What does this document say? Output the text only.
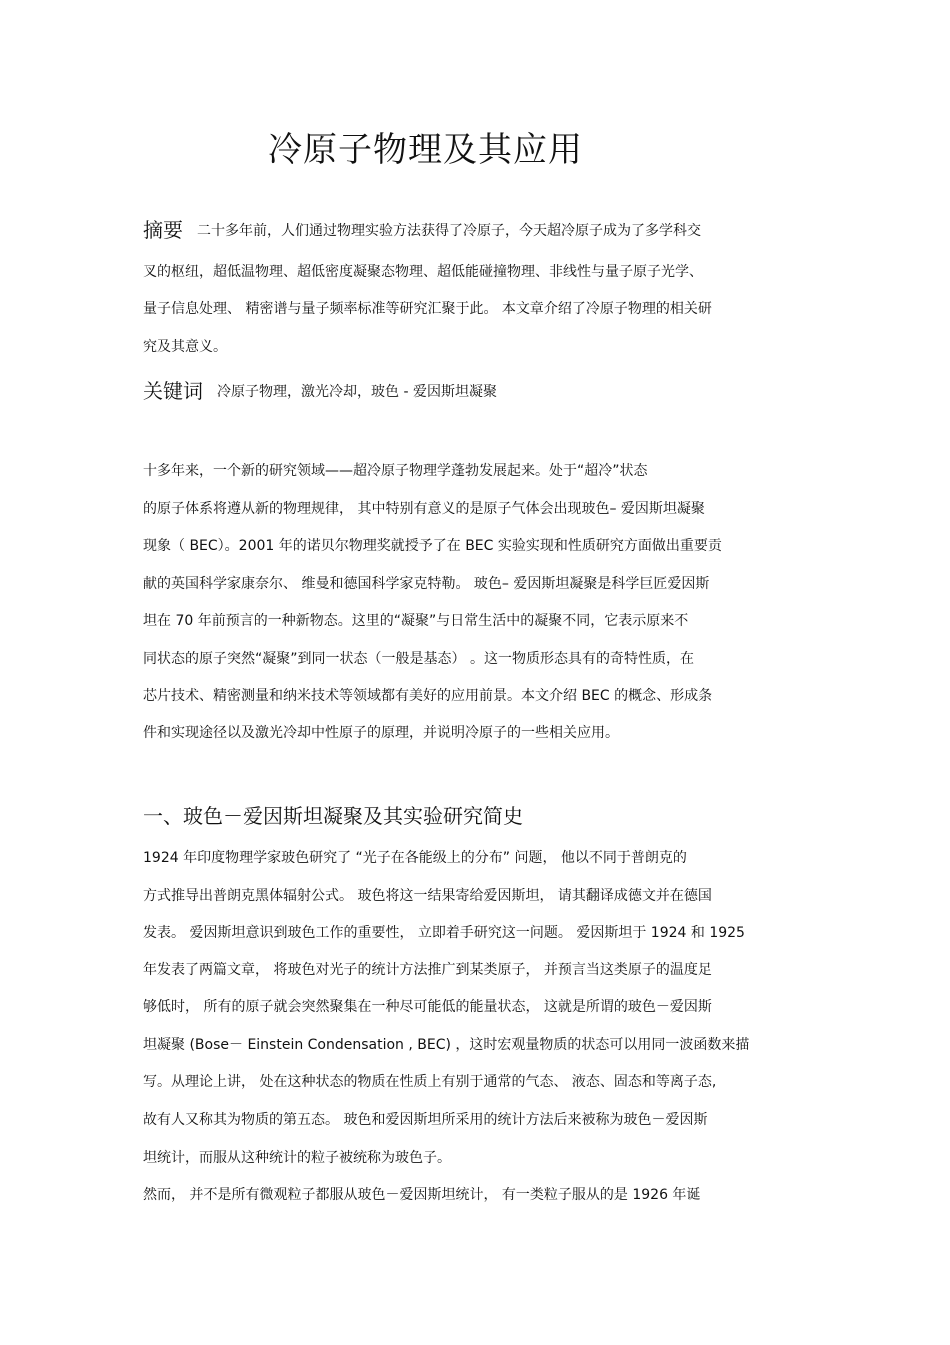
冷原子物理及其应用
摘要 二十多年前，人们通过物理实验方法获得了冷原子，今天超冷原子成为了多学科交
叉的枢纽，超低温物理、超低密度凝聚态物理、超低能碰撞物理、非线性与量子原子光学、
量子信息处理、 精密谱与量子频率标准等研究汇聚于此。 本文章介绍了冷原子物理的相关研
究及其意义。
关键词 冷原子物理，激光冷却，玻色 - 爱因斯坦凝聚
十多年来，一个新的研究领域——超冷原子物理学蓬勃发展起来。处于“超冷”状态
的原子体系将遵从新的物理规律， 其中特别有意义的是原子气体会出现玻色– 爱因斯坦凝聚
现象（ BEC）。2001 年的诺贝尔物理奖就授予了在 BEC 实验实现和性质研究方面做出重要贡
献的英国科学家康奈尔、 维曼和德国科学家克特勒。 玻色– 爱因斯坦凝聚是科学巨匠爱因斯
坦在 70 年前预言的一种新物态。这里的“凝聚”与日常生活中的凝聚不同，它表示原来不
同状态的原子突然“凝聚”到同一状态（一般是基态） 。这一物质形态具有的奇特性质，在
芯片技术、精密测量和纳米技术等领域都有美好的应用前景。本文介绍 BEC 的概念、形成条
件和实现途径以及激光冷却中性原子的原理，并说明冷原子的一些相关应用。
一、玻色－爱因斯坦凝聚及其实验研究简史
1924 年印度物理学家玻色研究了 “光子在各能级上的分布” 问题， 他以不同于普朗克的
方式推导出普朗克黑体辐射公式。 玻色将这一结果寄给爱因斯坦， 请其翻译成德文并在德国
发表。 爱因斯坦意识到玻色工作的重要性， 立即着手研究这一问题。 爱因斯坦于 1924 和 1925
年发表了两篇文章， 将玻色对光子的统计方法推广到某类原子， 并预言当这类原子的温度足
够低时， 所有的原子就会突然聚集在一种尽可能低的能量状态， 这就是所谓的玻色－爱因斯
坦凝聚 (Bose－ Einstein Condensation , BEC) ，这时宏观量物质的状态可以用同一波函数来描
写。从理论上讲， 处在这种状态的物质在性质上有别于通常的气态、 液态、固态和等离子态,
故有人又称其为物质的第五态。 玻色和爱因斯坦所采用的统计方法后来被称为玻色－爱因斯
坦统计，而服从这种统计的粒子被统称为玻色子。
然而， 并不是所有微观粒子都服从玻色－爱因斯坦统计， 有一类粒子服从的是 1926 年诞
